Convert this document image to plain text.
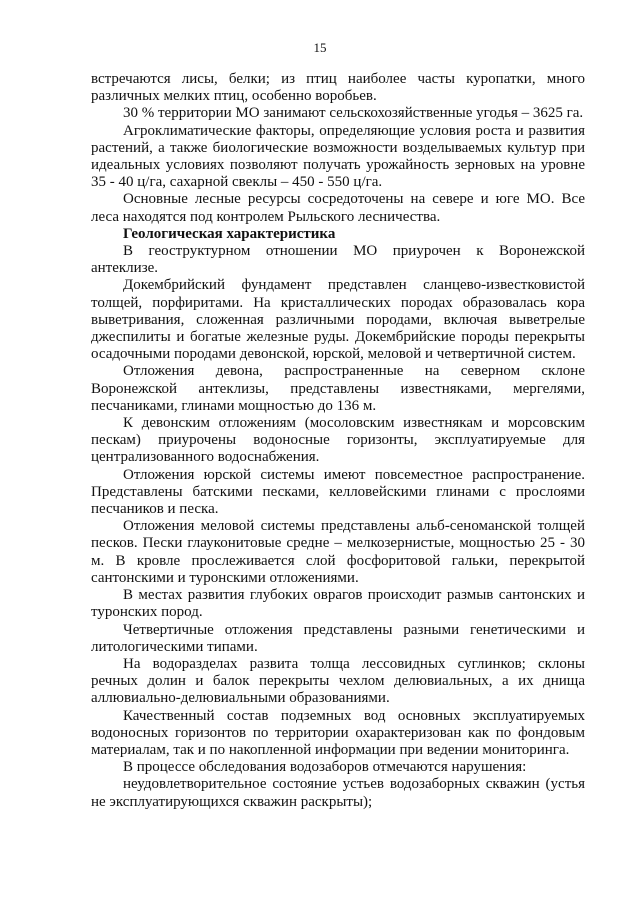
15

встречаются лисы, белки; из птиц наиболее часты куропатки, много различных мелких птиц, особенно воробьев.

30 % территории МО занимают сельскохозяйственные угодья – 3625 га.

Агроклиматические факторы, определяющие условия роста и развития растений, а также биологические возможности возделываемых культур при идеальных условиях позволяют получать урожайность зерновых на уровне 35 - 40 ц/га, сахарной свеклы – 450 - 550 ц/га.

Основные лесные ресурсы сосредоточены на севере и юге МО. Все леса находятся под контролем Рыльского лесничества.

Геологическая характеристика

В геоструктурном отношении МО приурочен к Воронежской антеклизе.

Докембрийский фундамент представлен сланцево-известковистой толщей, порфиритами. На кристаллических породах образовалась кора выветривания, сложенная различными породами, включая выветрелые джеспилиты и богатые железные руды. Докембрийские породы перекрыты осадочными породами девонской, юрской, меловой и четвертичной систем.

Отложения девона, распространенные на северном склоне Воронежской антеклизы, представлены известняками, мергелями, песчаниками, глинами мощностью до 136 м.

К девонским отложениям (мосоловским известнякам и морсовским пескам) приурочены водоносные горизонты, эксплуатируемые для централизованного водоснабжения.

Отложения юрской системы имеют повсеместное распространение. Представлены батскими песками, келловейскими глинами с прослоями песчаников и песка.

Отложения меловой системы представлены альб-сеноманской толщей песков. Пески глауконитовые средне – мелкозернистые, мощностью 25 - 30 м. В кровле прослеживается слой фосфоритовой гальки, перекрытой сантонскими и туронскими отложениями.

В местах развития глубоких оврагов происходит размыв сантонских и туронских пород.

Четвертичные отложения представлены разными генетическими и литологическими типами.

На водоразделах развита толща лессовидных суглинков; склоны речных долин и балок перекрыты чехлом делювиальных, а их днища аллювиально-делювиальными образованиями.

Качественный состав подземных вод основных эксплуатируемых водоносных горизонтов по территории охарактеризован как по фондовым материалам, так и по накопленной информации при ведении мониторинга.

В процессе обследования водозаборов отмечаются нарушения:

неудовлетворительное состояние устьев водозаборных скважин (устья не эксплуатирующихся скважин раскрыты);
